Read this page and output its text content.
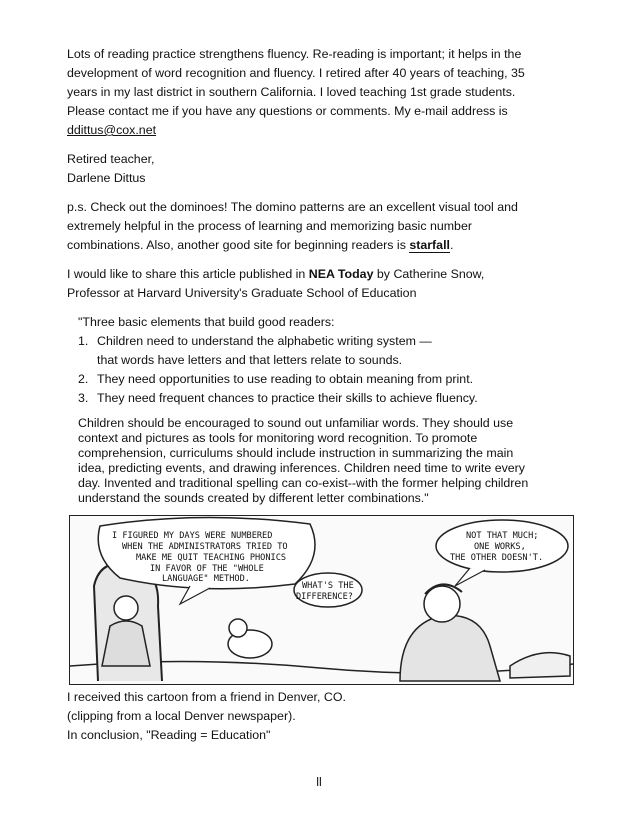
Lots of reading practice strengthens fluency. Re-reading is important; it helps in the
development of word recognition and fluency. I retired after 40 years of teaching, 35
years in my last district in southern California. I loved teaching 1st grade students.
Please contact me if you have any questions or comments. My e-mail address is
ddittus@cox.net
Retired teacher,
Darlene Dittus
p.s. Check out the dominoes! The domino patterns are an excellent visual tool and
extremely helpful in the process of learning and memorizing basic number
combinations. Also, another good site for beginning readers is starfall.
I would like to share this article published in NEA Today by Catherine Snow,
Professor at Harvard University's Graduate School of Education
"Three basic elements that build good readers:
1. Children need to understand the alphabetic writing system —
that words have letters and that letters relate to sounds.
2. They need opportunities to use reading to obtain meaning from print.
3. They need frequent chances to practice their skills to achieve fluency.
Children should be encouraged to sound out unfamiliar words. They should use
context and pictures as tools for monitoring word recognition. To promote
comprehension, curriculums should include instruction in summarizing the main
idea, predicting events, and drawing inferences. Children need time to write every
day. Invented and traditional spelling can co-exist--with the former helping children
I FIGURED MY DAYS WERE NUMBERED
WHEN THE ADMINISTRATORS TRIED TO
MAKE ME QUIT TEACHING PHONICS
IN FAVOR OF THE "WHOLE
LANGUAGE" METHOD.
WHAT'S THE
DIFFERENCE?
NOT THAT MUCH;
ONE WORKS,
THE OTHER DOESN'T.
I received this cartoon from a friend in Denver, CO.
(clipping from a local Denver newspaper).
In conclusion, "Reading = Education"
ll
understand the sounds created by different letter combinations."
